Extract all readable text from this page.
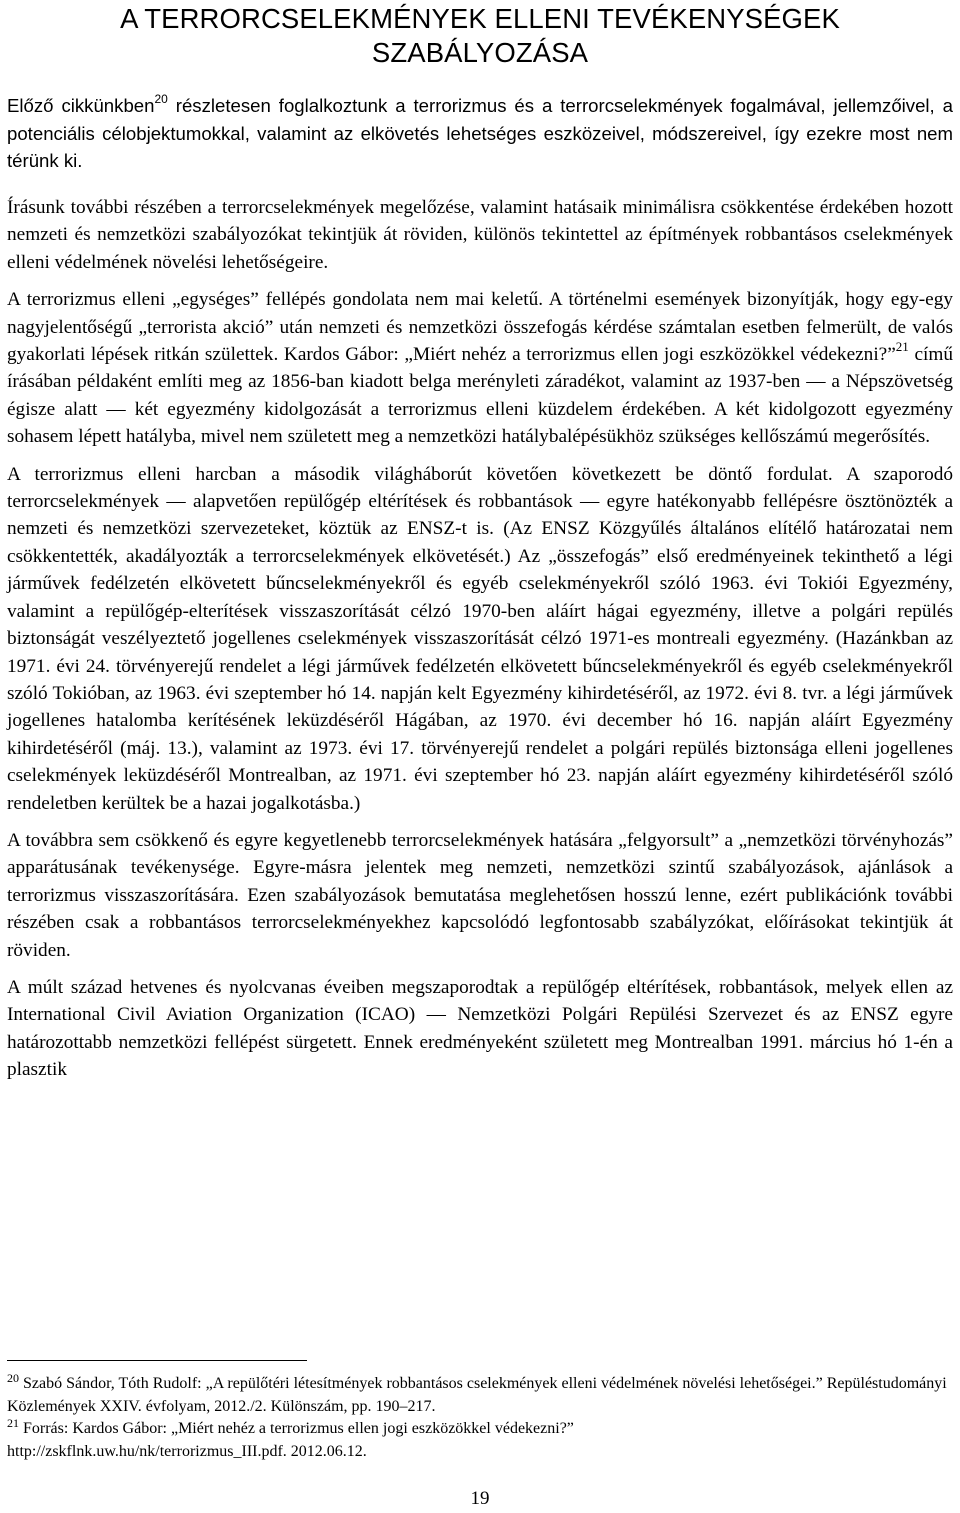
A TERRORCSELEKMÉNYEK ELLENI TEVÉKENYSÉGEK
SZABÁLYOZÁSA
Előző cikkünkben$^{20}$ részletesen foglalkoztunk a terrorizmus és a terrorcselekmények fogalmával, jellemzőivel, a potenciális célobjektumokkal, valamint az elkövetés lehetséges eszközeivel, módszereivel, így ezekre most nem térünk ki.

Írásunk további részében a terrorcselekmények megelőzése, valamint hatásaik minimálisra csökkentése érdekében hozott nemzeti és nemzetközi szabályozókat tekintjük át röviden, különös tekintettel az építmények robbantásos cselekmények elleni védelmének növelési lehetőségeire.

A terrorizmus elleni „egységes” fellépés gondolata nem mai keletű. A történelmi események bizonyítják, hogy egy-egy nagyjelentőségű „terrorista akció” után nemzeti és nemzetközi összefogás kérdése számtalan esetben felmerült, de valós gyakorlati lépések ritkán születtek. Kardos Gábor: „Miért nehéz a terrorizmus ellen jogi eszközökkel védekezni?”$^{21}$ című írásában példaként említi meg az 1856-ban kiadott belga merényleti záradékot, valamint az 1937-ben — a Népszövetség égisze alatt — két egyezmény kidolgozását a terrorizmus elleni küzdelem érdekében. A két kidolgozott egyezmény sohasem lépett hatályba, mivel nem született meg a nemzetközi hatálybalépésükhöz szükséges kellőszámú megerősítés.

A terrorizmus elleni harcban a második világháborút követően következett be döntő fordulat. A szaporodó terrorcselekmények — alapvetően repülőgép eltérítések és robbantások — egyre hatékonyabb fellépésre ösztönözték a nemzeti és nemzetközi szervezeteket, köztük az ENSZ-t is. (Az ENSZ Közgyűlés általános elítélő határozatai nem csökkentették, akadályozták a terrorcselekmények elkövetését.) Az „összefogás” első eredményeinek tekinthető a légi járművek fedélzetén elkövetett bűncselekményekről és egyéb cselekményekről szóló 1963. évi Tokiói Egyezmény, valamint a repülőgép-elterítések visszaszorítását célzó 1970-ben aláírt hágai egyezmény, illetve a polgári repülés biztonságát veszélyeztető jogellenes cselekmények visszaszorítását célzó 1971-es montreali egyezmény. (Hazánkban az 1971. évi 24. törvényerejű rendelet a légi járművek fedélzetén elkövetett bűncselekményekről és egyéb cselekményekről szóló Tokióban, az 1963. évi szeptember hó 14. napján kelt Egyezmény kihirdetéséről, az 1972. évi 8. tvr. a légi járművek jogellenes hatalomba kerítésének leküzdéséről Hágában, az 1970. évi december hó 16. napján aláírt Egyezmény kihirdetéséről (máj. 13.), valamint az 1973. évi 17. törvényerejű rendelet a polgári repülés biztonsága elleni jogellenes cselekmények leküzdéséről Montrealban, az 1971. évi szeptember hó 23. napján aláírt egyezmény kihirdetéséről szóló rendeletben kerültek be a hazai jogalkotásba.)

A továbbra sem csökkenő és egyre kegyetlenebb terrorcselekmények hatására „felgyorsult” a „nemzetközi törvényhozás” apparátusának tevékenysége. Egyre-másra jelentek meg nemzeti, nemzetközi szintű szabályozások, ajánlások a terrorizmus visszaszorítására. Ezen szabályozások bemutatása meglehetősen hosszú lenne, ezért publikációnk további részében csak a robbantásos terrorcselekményekhez kapcsolódó legfontosabb szabályzókat, előírásokat tekintjük át röviden.

A múlt század hetvenes és nyolcvanas éveiben megszaporodtak a repülőgép eltérítések, robbantások, melyek ellen az International Civil Aviation Organization (ICAO) — Nemzetközi Polgári Repülési Szervezet és az ENSZ egyre határozottabb nemzetközi fellépést sürgetett. Ennek eredményeként született meg Montrealban 1991. március hó 1-én a plasztik

$^{20}$ Szabó Sándor, Tóth Rudolf: „A repülőtéri létesítmények robbantásos cselekmények elleni védelmének növelési lehetőségei.” Repüléstudományi Közlemények XXIV. évfolyam, 2012./2. Különszám, pp. 190–217.

$^{21}$ Forrás: Kardos Gábor: „Miért nehéz a terrorizmus ellen jogi eszközökkel védekezni?”

http://zskflnk.uw.hu/nk/terrorizmus_III.pdf. 2012.06.12.

19
